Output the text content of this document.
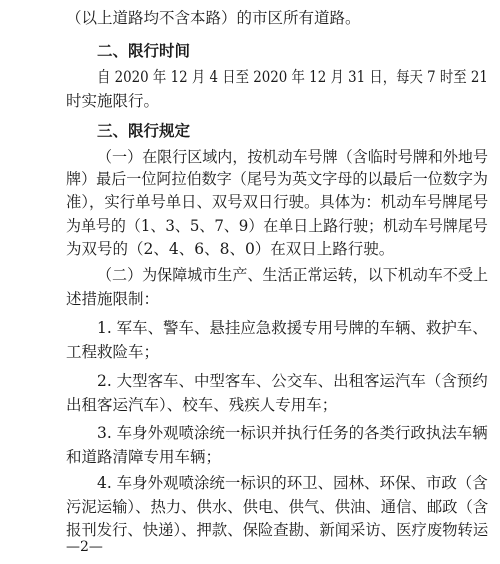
（以上道路均不含本路）的市区所有道路。
二、限行时间
自 2020 年 12 月 4 日至 2020 年 12 月 31 日，每天 7 时至 21
时实施限行。
三、限行规定
（一）在限行区域内，按机动车号牌（含临时号牌和外地号
牌）最后一位阿拉伯数字（尾号为英文字母的以最后一位数字为
准），实行单号单日、双号双日行驶。具体为：机动车号牌尾号
为单号的（1、3、5、7、9）在单日上路行驶；机动车号牌尾号
为双号的（2、4、6、8、0）在双日上路行驶。
（二）为保障城市生产、生活正常运转，以下机动车不受上
述措施限制：
1. 军车、警车、悬挂应急救援专用号牌的车辆、救护车、
工程救险车；
2. 大型客车、中型客车、公交车、出租客运汽车（含预约
出租客运汽车）、校车、残疾人专用车；
3. 车身外观喷涂统一标识并执行任务的各类行政执法车辆
和道路清障专用车辆；
4. 车身外观喷涂统一标识的环卫、园林、环保、市政（含
污泥运输）、热力、供水、供电、供气、供油、通信、邮政（含
报刊发行、快递）、押款、保险查勘、新闻采访、医疗废物转运
—2—
